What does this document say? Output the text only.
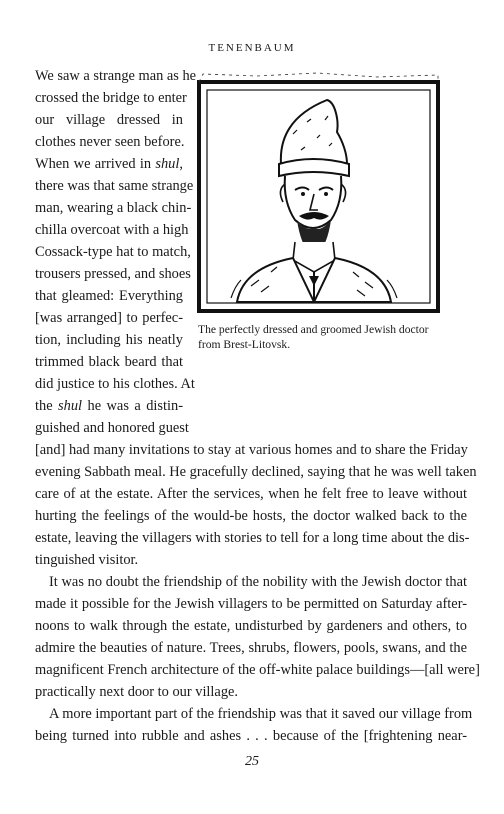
TENENBAUM
The perfectly dressed and groomed Jewish doctor
from Brest-Litovsk.
We saw a strange man as he
crossed the bridge to enter
our village dressed in
clothes never seen before.
When we arrived in shul,
there was that same strange
man, wearing a black chin-
chilla overcoat with a high
Cossack-type hat to match,
trousers pressed, and shoes
that gleamed: Everything
[was arranged] to perfec-
tion, including his neatly
trimmed black beard that
did justice to his clothes. At
the shul he was a distin-
guished and honored guest
[and] had many invitations to stay at various homes and to share the Friday
evening Sabbath meal. He gracefully declined, saying that he was well taken
care of at the estate. After the services, when he felt free to leave without
hurting the feelings of the would-be hosts, the doctor walked back to the
estate, leaving the villagers with stories to tell for a long time about the dis-
tinguished visitor.
It was no doubt the friendship of the nobility with the Jewish doctor that
made it possible for the Jewish villagers to be permitted on Saturday after-
noons to walk through the estate, undisturbed by gardeners and others, to
admire the beauties of nature. Trees, shrubs, flowers, pools, swans, and the
magnificent French architecture of the off-white palace buildings—[all were]
practically next door to our village.
A more important part of the friendship was that it saved our village from
25
being turned into rubble and ashes . . . because of the [frightening near-
